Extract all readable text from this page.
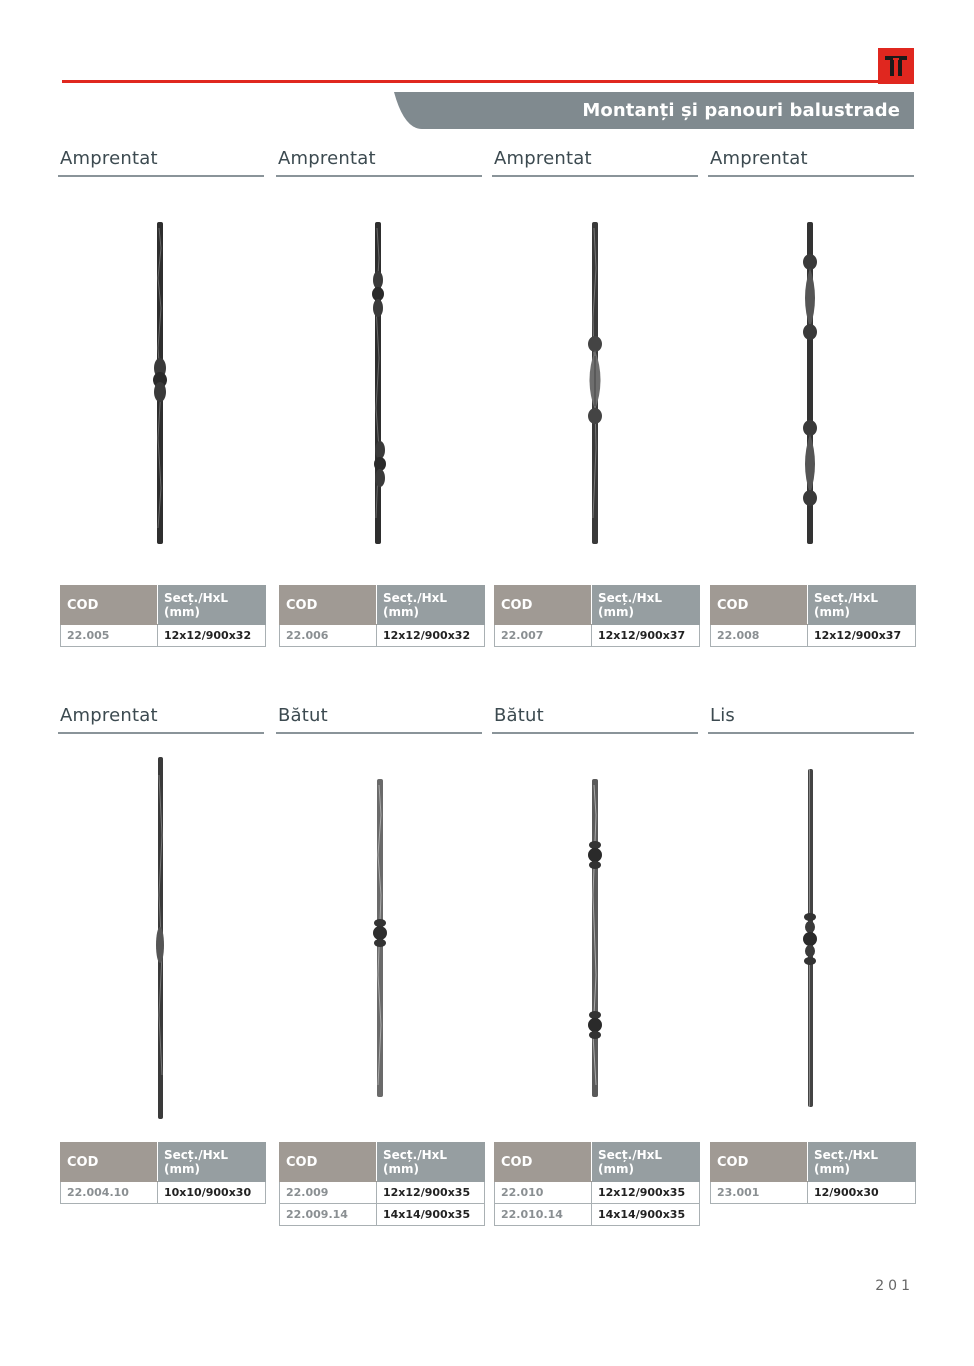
Montanți și panouri balustrade
Amprentat
COD	Secț./HxL
(mm)
22.005	12x12/900x32
Amprentat
COD	Secț./HxL
(mm)
22.006	12x12/900x32
Amprentat
COD	Secț./HxL
(mm)
22.007	12x12/900x37
Amprentat
COD	Secț./HxL
(mm)
22.008	12x12/900x37
Amprentat
COD	Secț./HxL
(mm)
22.004.10	10x10/900x30
Bătut
COD	Secț./HxL
(mm)
22.009	12x12/900x35
22.009.14	14x14/900x35
Bătut
COD	Secț./HxL
(mm)
22.010	12x12/900x35
22.010.14	14x14/900x35
Lis
COD	Secț./HxL
(mm)
23.001	12/900x30
201
